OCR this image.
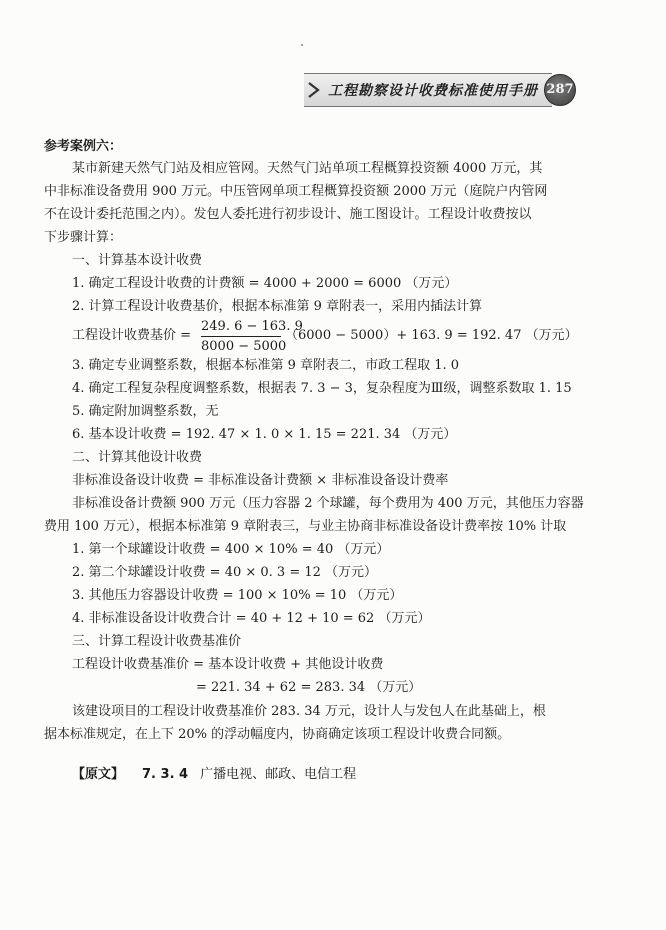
工程勘察设计收费标准使用手册 287
参考案例六：
某市新建天然气门站及相应管网。天然气门站单项工程概算投资额 4000 万元，其
中非标准设备费用 900 万元。中压管网单项工程概算投资额 2000 万元（庭院户内管网
不在设计委托范围之内）。发包人委托进行初步设计、施工图设计。工程设计收费按以
下步骤计算：
一、计算基本设计收费
1. 确定工程设计收费的计费额 = 4000 + 2000 = 6000 （万元）
2. 计算工程设计收费基价，根据本标准第 9 章附表一，采用内插法计算
工程设计收费基价 = $\frac{249. 6 - 163. 9}{8000 - 5000} (6000 - 5000)+ 163$. 9 = 192. 47 （万元）
3. 确定专业调整系数，根据本标准第 9 章附表二，市政工程取 1. 0
4. 确定工程复杂程度调整系数，根据表 7. 3 − 3，复杂程度为Ⅲ级，调整系数取 1. 15
5. 确定附加调整系数，无
6. 基本设计收费 = 192. 47 × 1. 0 × 1. 15 = 221. 34 （万元）
二、计算其他设计收费
非标准设备设计收费 = 非标准设备计费额 × 非标准设备设计费率
非标准设备计费额 900 万元（压力容器 2 个球罐，每个费用为 400 万元，其他压力容器
费用 100 万元），根据本标准第 9 章附表三，与业主协商非标准设备设计费率按 10% 计取
1. 第一个球罐设计收费 = 400 × 10% = 40 （万元）
2. 第二个球罐设计收费 = 40 × 0. 3 = 12 （万元）
3. 其他压力容器设计收费 = 100 × 10% = 10 （万元）
4. 非标准设备设计收费合计 = 40 + 12 + 10 = 62 （万元）
三、计算工程设计收费基准价
工程设计收费基准价 = 基本设计收费 + 其他设计收费
= 221. 34 + 62 = 283. 34 （万元）
该建设项目的工程设计收费基准价 283. 34 万元，设计人与发包人在此基础上，根
据本标准规定，在上下 20% 的浮动幅度内，协商确定该项工程设计收费合同额。
【原文】 7. 3. 4 广播电视、邮政、电信工程
